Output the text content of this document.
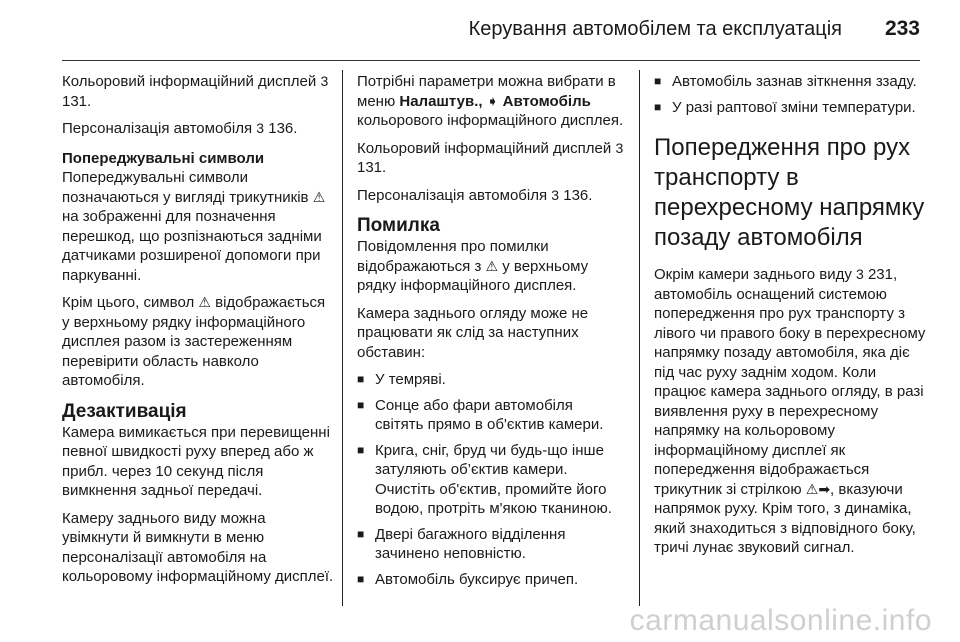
Керування автомобілем та експлуатація 233

Кольоровий інформаційний дисплей 3 131.

Персоналізація автомобіля 3 136.

Попереджувальні символи

Попереджувальні символи позначаються у вигляді трикутників ⚠ на зображенні для позначення перешкод, що розпізнаються задніми датчиками розширеної допомоги при паркуванні.

Крім цього, символ ⚠ відображається у верхньому рядку інформаційного дисплея разом із застереженням перевірити область навколо автомобіля.

Дезактивація

Камера вимикається при перевищенні певної швидкості руху вперед або ж прибл. через 10 секунд після вимкнення задньої передачі.

Камеру заднього виду можна увімкнути й вимкнути в меню персоналізації автомобіля на кольоровому інформаційному дисплеї.

Потрібні параметри можна вибрати в меню Налаштув., ➧ Автомобіль кольорового інформаційного дисплея.

Кольоровий інформаційний дисплей 3 131.

Персоналізація автомобіля 3 136.

Помилка

Повідомлення про помилки відображаються з ⚠ у верхньому рядку інформаційного дисплея.

Камера заднього огляду може не працювати як слід за наступних обставин:

■ У темряві.
■ Сонце або фари автомобіля світять прямо в об'єктив камери.
■ Крига, сніг, бруд чи будь-що інше затуляють об’єктив камери. Очистіть об'єктив, промийте його водою, протріть м'якою тканиною.
■ Двері багажного відділення зачинено неповністю.
■ Автомобіль буксирує причеп.
■ Автомобіль зазнав зіткнення ззаду.
■ У разі раптової зміни температури.
Попередження про рух транспорту в перехресному напрямку позаду автомобіля

Окрім камери заднього виду 3 231, автомобіль оснащений системою попередження про рух транспорту з лівого чи правого боку в перехресному напрямку позаду автомобіля, яка діє під час руху заднім ходом. Коли працює камера заднього огляду, в разі виявлення руху в перехресному напрямку на кольоровому інформаційному дисплеї як попередження відображається трикутник зі стрілкою ⚠➡, вказуючи напрямок руху. Крім того, з динаміка, який знаходиться з відповідного боку, тричі лунає звуковий сигнал.

carmanualsonline.info
